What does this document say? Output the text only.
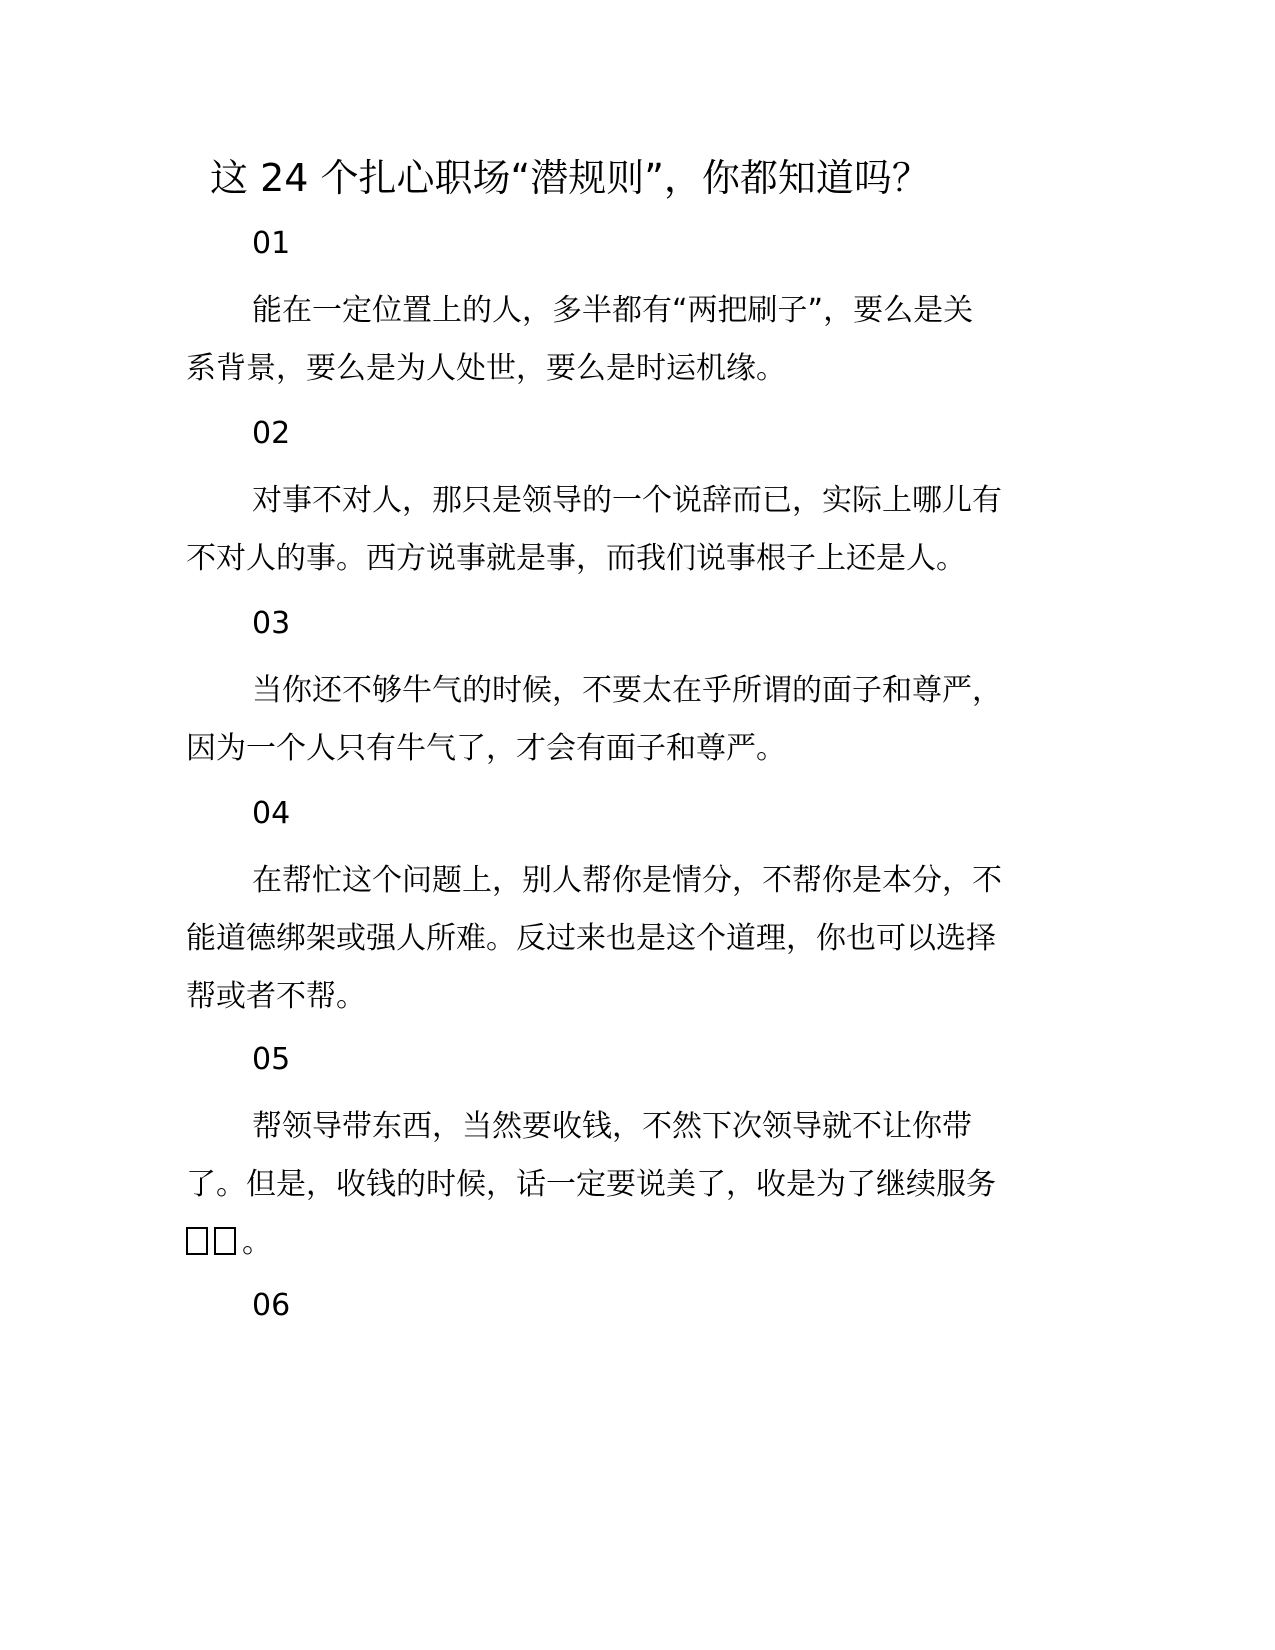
这 24 个扎心职场“潜规则”，你都知道吗？
01
能在一定位置上的人，多半都有“两把刷子”，要么是关
系背景，要么是为人处世，要么是时运机缘。
02
对事不对人，那只是领导的一个说辞而已，实际上哪儿有
不对人的事。西方说事就是事，而我们说事根子上还是人。
03
当你还不够牛气的时候，不要太在乎所谓的面子和尊严，
因为一个人只有牛气了，才会有面子和尊严。
04
在帮忙这个问题上，别人帮你是情分，不帮你是本分，不
能道德绑架或强人所难。反过来也是这个道理，你也可以选择
帮或者不帮。
05
帮领导带东西，当然要收钱，不然下次领导就不让你带
了。但是，收钱的时候，话一定要说美了，收是为了继续服务
。
06
